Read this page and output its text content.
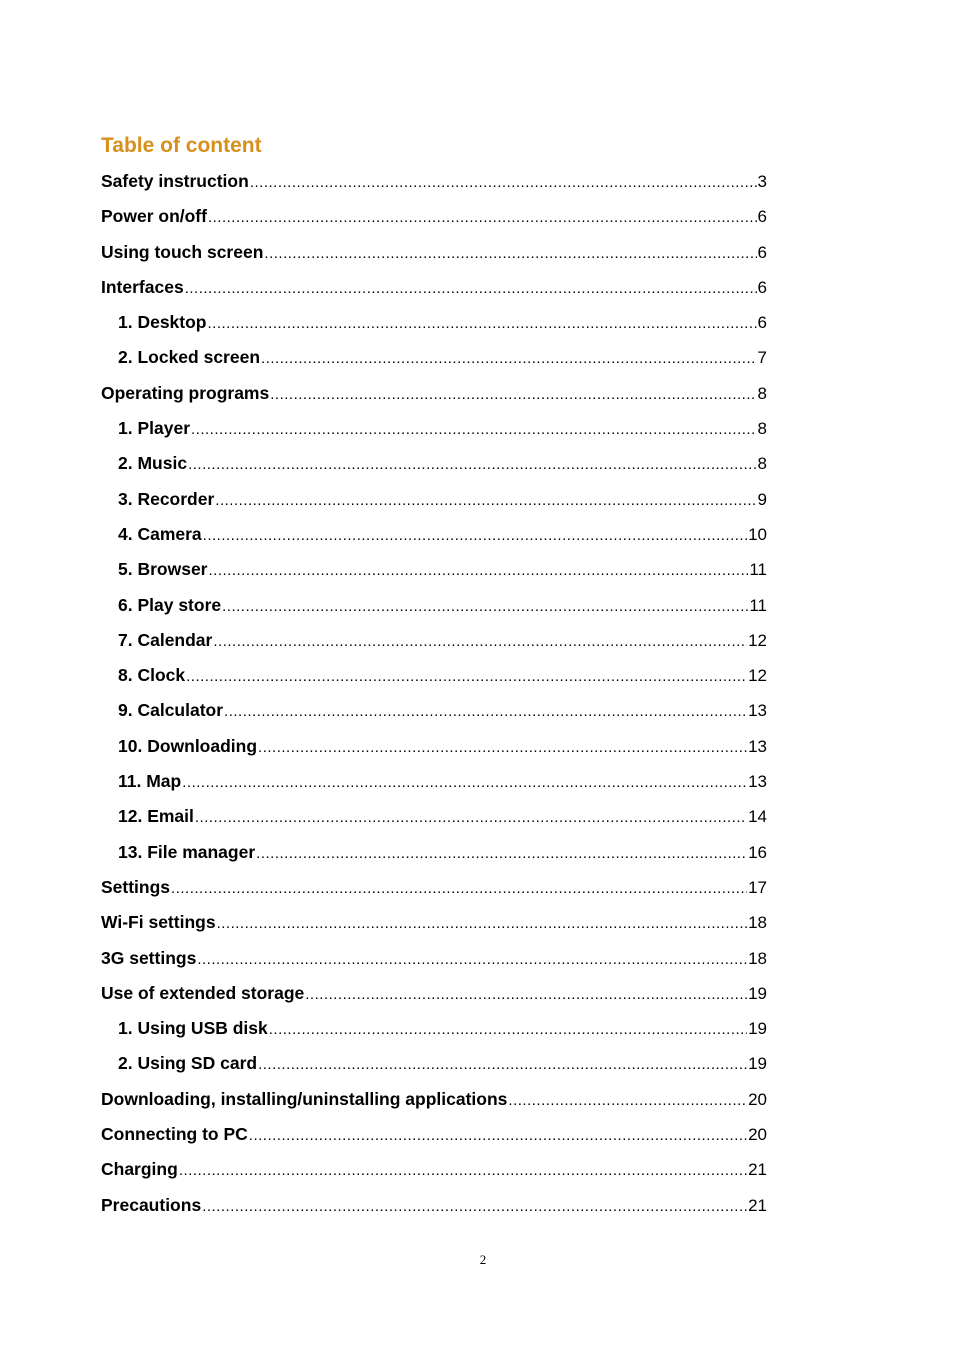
Table of content
Safety instruction .....	3
Power on/off .....	6
Using touch screen .....	6
Interfaces .....	6
1. Desktop .....	6
2. Locked screen .....	7
Operating programs .....	8
1. Player .....	8
2. Music .....	8
3. Recorder .....	9
4. Camera .....	10
5. Browser .....	11
6. Play store .....	11
7. Calendar .....	12
8. Clock .....	12
9. Calculator .....	13
10. Downloading .....	13
11. Map .....	13
12. Email .....	14
13. File manager .....	16
Settings .....	17
Wi-Fi settings .....	18
3G settings .....	18
Use of extended storage .....	19
1. Using USB disk .....	19
2. Using SD card .....	19
Downloading, installing/uninstalling applications .....	20
Connecting to PC .....	20
Charging .....	21
Precautions .....	21
2
